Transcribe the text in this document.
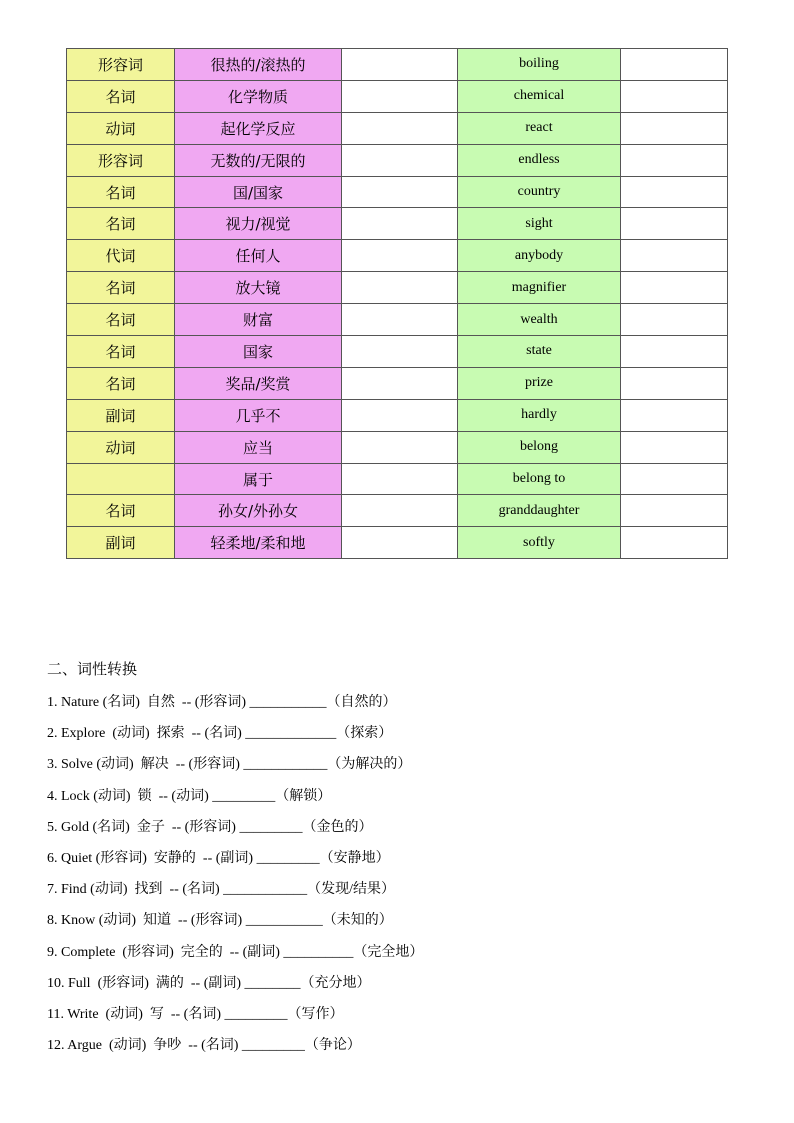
形容词	很热的/滚热的		boiling	
名词	化学物质		chemical	
动词	起化学反应		react	
形容词	无数的/无限的		endless	
名词	国/国家		country	
名词	视力/视觉		sight	
代词	任何人		anybody	
名词	放大镜		magnifier	
名词	财富		wealth	
名词	国家		state	
名词	奖品/奖赏		prize	
副词	几乎不		hardly	
动词	应当		belong	
	属于		belong to	
名词	孙女/外孙女		granddaughter	
副词	轻柔地/柔和地		softly	
二、词性转换
1. Nature (名词)  自然  -- (形容词) ___________（自然的）
2. Explore  (动词)  探索  -- (名词) _____________（探索）
3. Solve (动词)  解决  -- (形容词) ____________（为解决的）
4. Lock (动词)  锁  -- (动词) _________（解锁）
5. Gold (名词)  金子  -- (形容词) _________（金色的）
6. Quiet (形容词)  安静的  -- (副词) _________（安静地）
7. Find (动词)  找到  -- (名词) ____________（发现/结果）
8. Know (动词)  知道  -- (形容词) ___________（未知的）
9. Complete  (形容词)  完全的  -- (副词) __________（完全地）
10. Full  (形容词)  满的  -- (副词) ________（充分地）
11. Write  (动词)  写  -- (名词) _________（写作）
12. Argue  (动词)  争吵  -- (名词) _________（争论）
